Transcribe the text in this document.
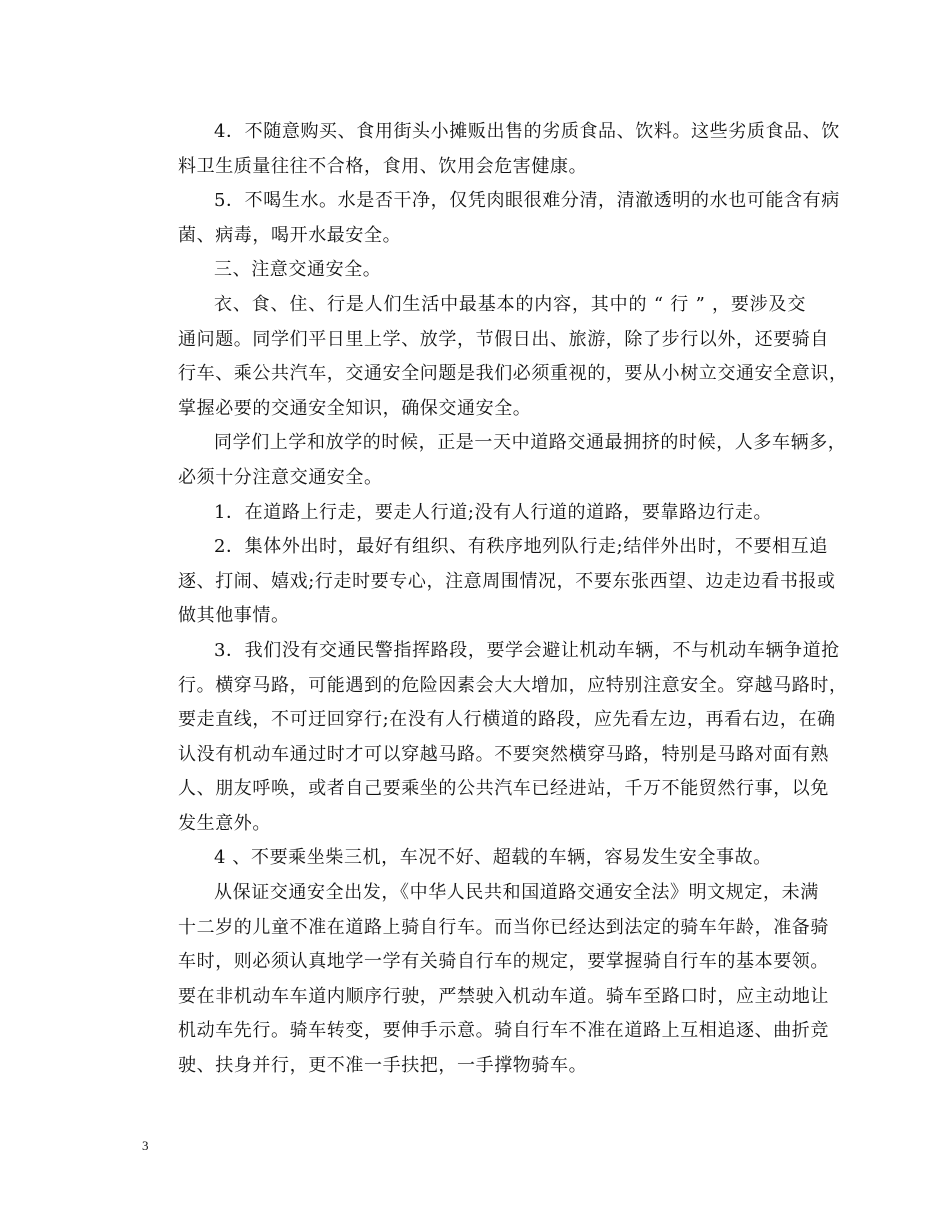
4．不随意购买、食用街头小摊贩出售的劣质食品、饮料。这些劣质食品、饮
料卫生质量往往不合格，食用、饮用会危害健康。

5．不喝生水。水是否干净，仅凭肉眼很难分清，清澈透明的水也可能含有病
菌、病毒，喝开水最安全。

三、注意交通安全。

衣、食、住、行是人们生活中最基本的内容，其中的 “ 行 ” ，要涉及交
通问题。同学们平日里上学、放学，节假日出、旅游，除了步行以外，还要骑自
行车、乘公共汽车，交通安全问题是我们必须重视的，要从小树立交通安全意识，
掌握必要的交通安全知识，确保交通安全。

同学们上学和放学的时候，正是一天中道路交通最拥挤的时候，人多车辆多，
必须十分注意交通安全。

1．在道路上行走，要走人行道;没有人行道的道路，要靠路边行走。

2．集体外出时，最好有组织、有秩序地列队行走;结伴外出时，不要相互追
逐、打闹、嬉戏;行走时要专心，注意周围情况，不要东张西望、边走边看书报或
做其他事情。

3．我们没有交通民警指挥路段，要学会避让机动车辆，不与机动车辆争道抢
行。横穿马路，可能遇到的危险因素会大大增加，应特别注意安全。穿越马路时，
要走直线，不可迂回穿行;在没有人行横道的路段，应先看左边，再看右边，在确
认没有机动车通过时才可以穿越马路。不要突然横穿马路，特别是马路对面有熟
人、朋友呼唤，或者自己要乘坐的公共汽车已经进站，千万不能贸然行事，以免
发生意外。

4 、不要乘坐柴三机，车况不好、超载的车辆，容易发生安全事故。

从保证交通安全出发，《中华人民共和国道路交通安全法》明文规定，未满
十二岁的儿童不准在道路上骑自行车。而当你已经达到法定的骑车年龄，准备骑
车时，则必须认真地学一学有关骑自行车的规定，要掌握骑自行车的基本要领。
要在非机动车车道内顺序行驶，严禁驶入机动车道。骑车至路口时，应主动地让
机动车先行。骑车转变，要伸手示意。骑自行车不准在道路上互相追逐、曲折竞
驶、扶身并行，更不准一手扶把，一手撑物骑车。

3
